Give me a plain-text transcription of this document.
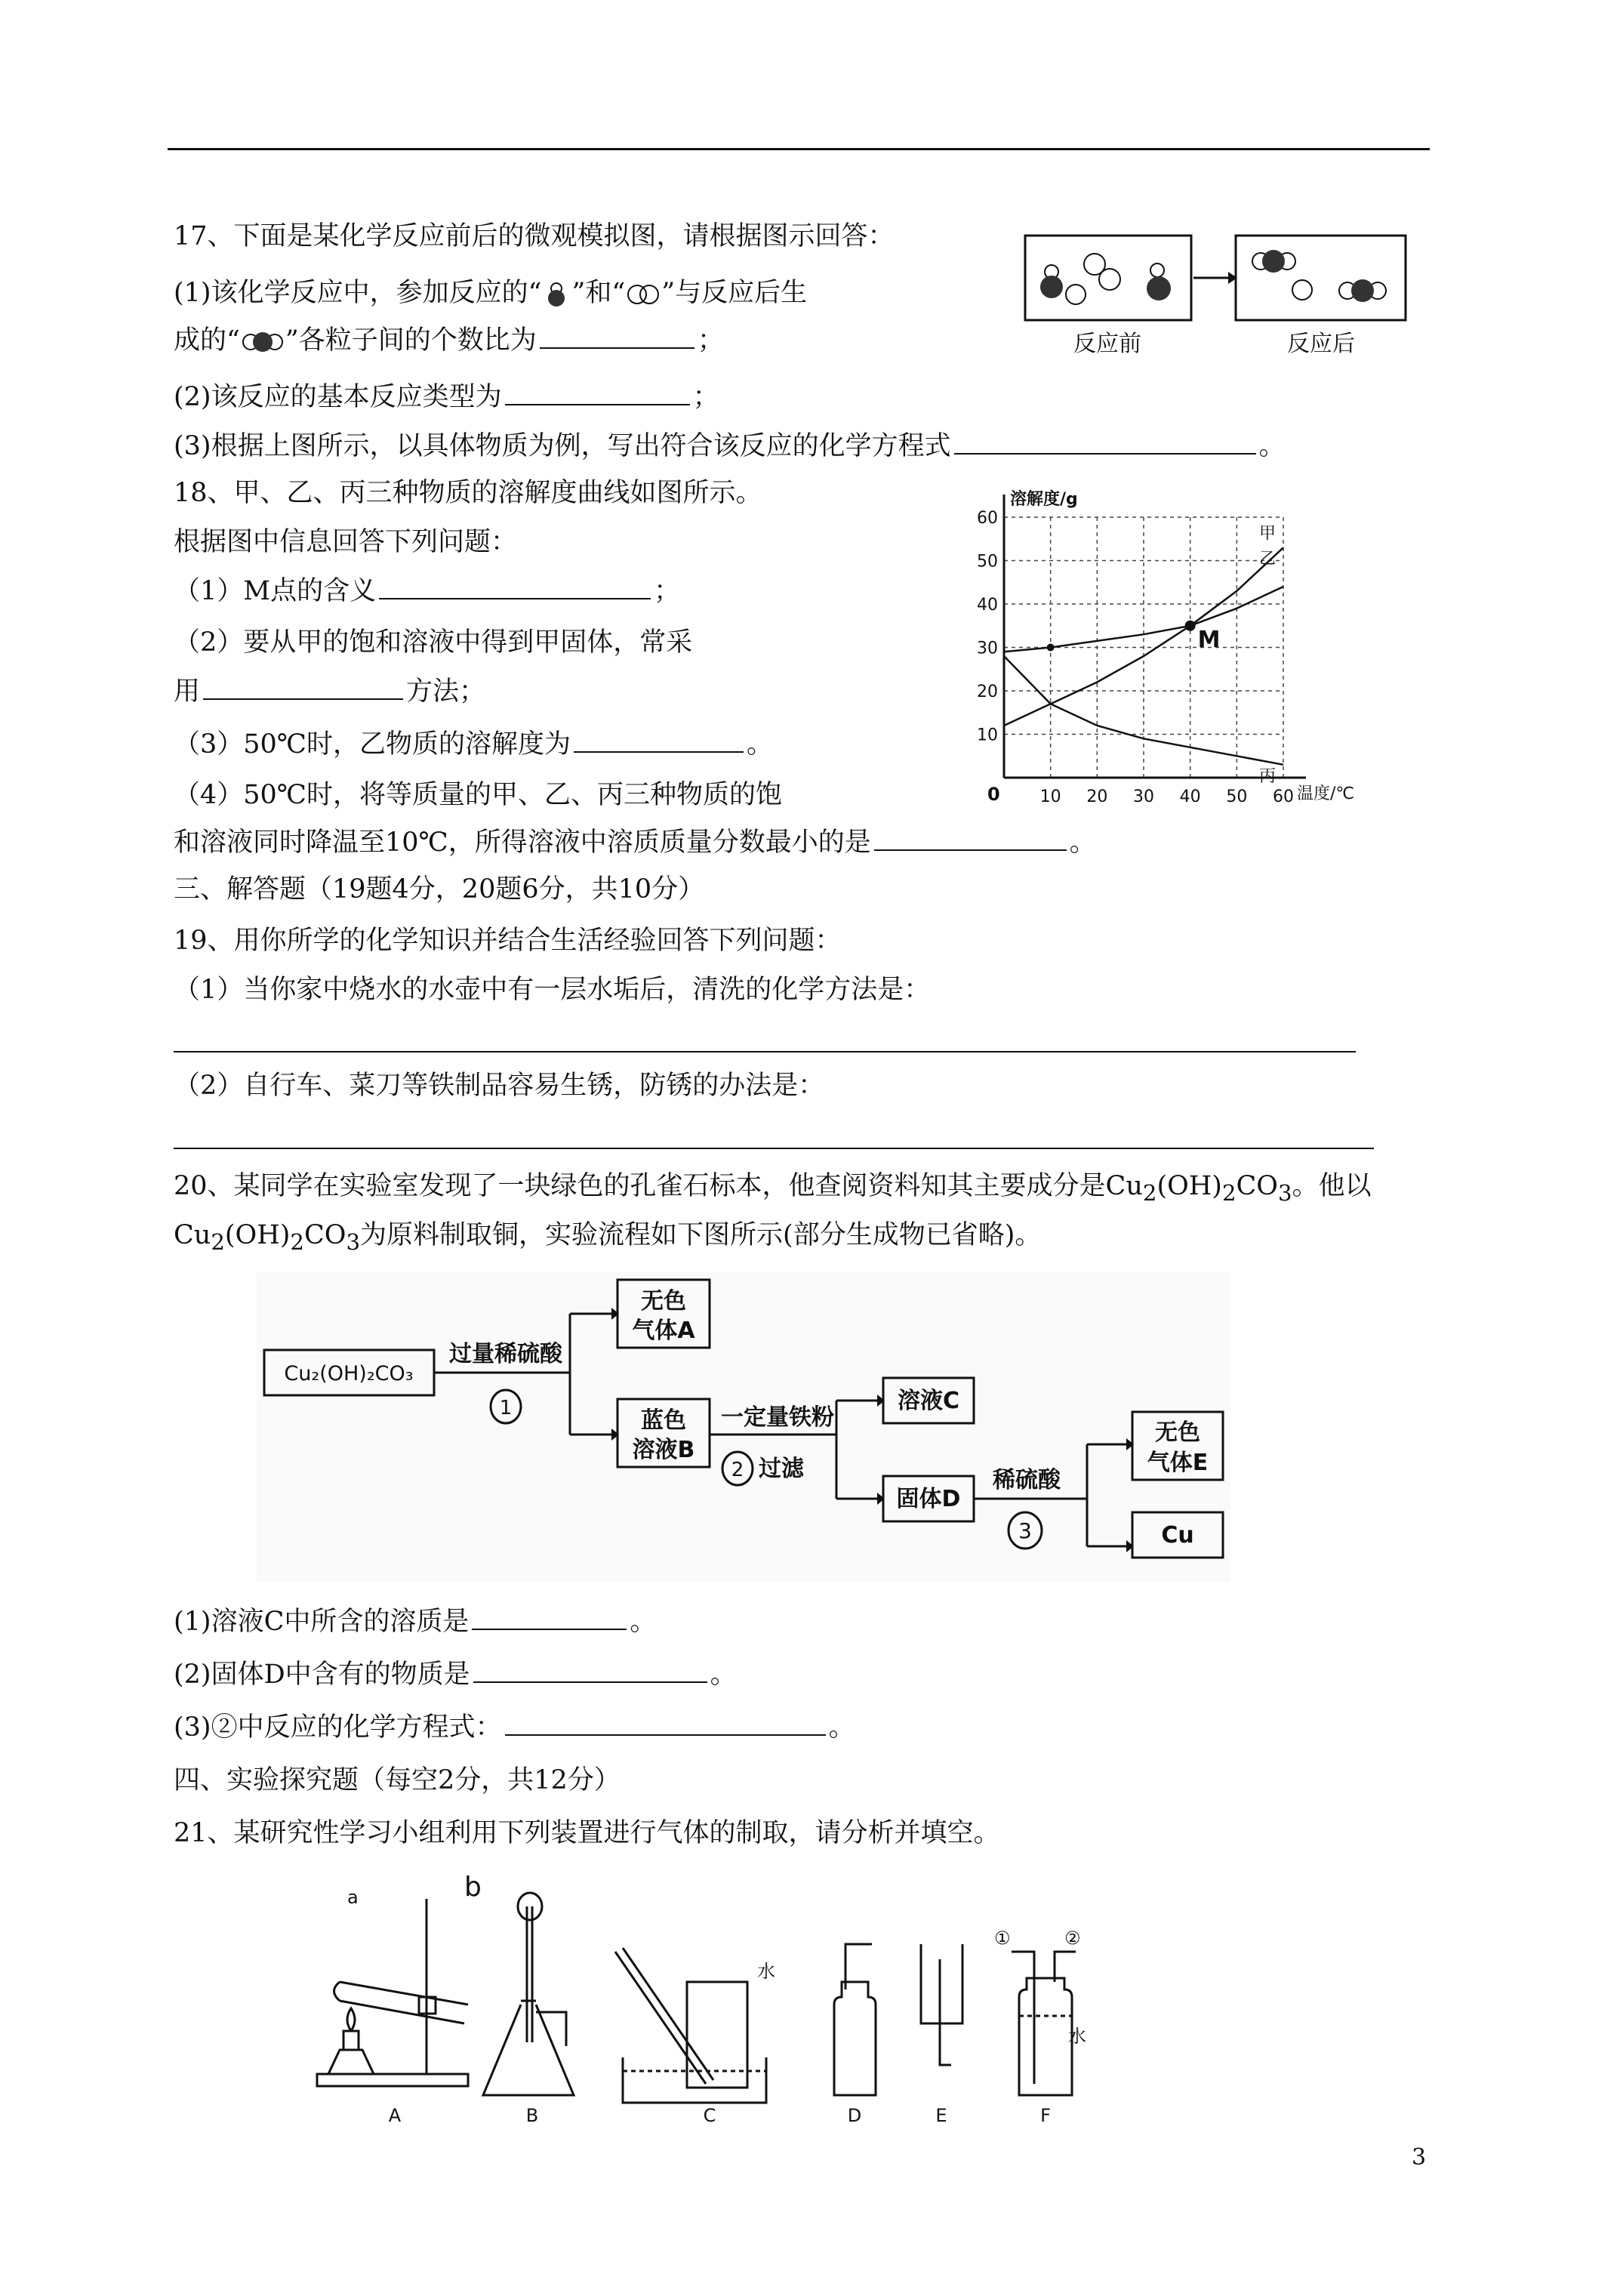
17、下面是某化学反应前后的微观模拟图，请根据图示回答：
(1)该化学反应中，参加反应的“ ”和“ ”与反应后生
成的“ ”各粒子间的个数比为	；
(2)该反应的基本反应类型为	；
(3)根据上图所示，以具体物质为例，写出符合该反应的化学方程式	。
反应前	反应后
18、甲、乙、丙三种物质的溶解度曲线如图所示。
根据图中信息回答下列问题：
（1）M点的含义	；
（2）要从甲的饱和溶液中得到甲固体，常采
用	方法；
（3）50℃时，乙物质的溶解度为	。
（4）50℃时，将等质量的甲、乙、丙三种物质的饱
和溶液同时降温至10℃，所得溶液中溶质质量分数最小的是	。
10 20 30 40 50 60
10
20
30
40
50
60
溶解度/g
温度/℃
0
甲
乙
丙
M
三、解答题（19题4分，20题6分，共10分）
19、用你所学的化学知识并结合生活经验回答下列问题：
（1）当你家中烧水的水壶中有一层水垢后，清洗的化学方法是：
（2）自行车、菜刀等铁制品容易生锈，防锈的办法是：
20、某同学在实验室发现了一块绿色的孔雀石标本，他查阅资料知其主要成分是$Cu_2(OH)_2CO_3$。他以
$Cu_2(OH)_2CO_3$为原料制取铜，实验流程如下图所示(部分生成物已省略)。
Cu₂(OH)₂CO₃
过量稀硫酸
1
无色
气体A
蓝色
溶液B
一定量铁粉
2 过滤
溶液C
固体D
稀硫酸
3
无色
气体E
Cu
(1)溶液C中所含的溶质是	。
(2)固体D中含有的物质是	。
(3)②中反应的化学方程式：	。
四、实验探究题（每空2分，共12分）
21、某研究性学习小组利用下列装置进行气体的制取，请分析并填空。
a	b
水
水
①	②
A	B	C	D	E	F
3
